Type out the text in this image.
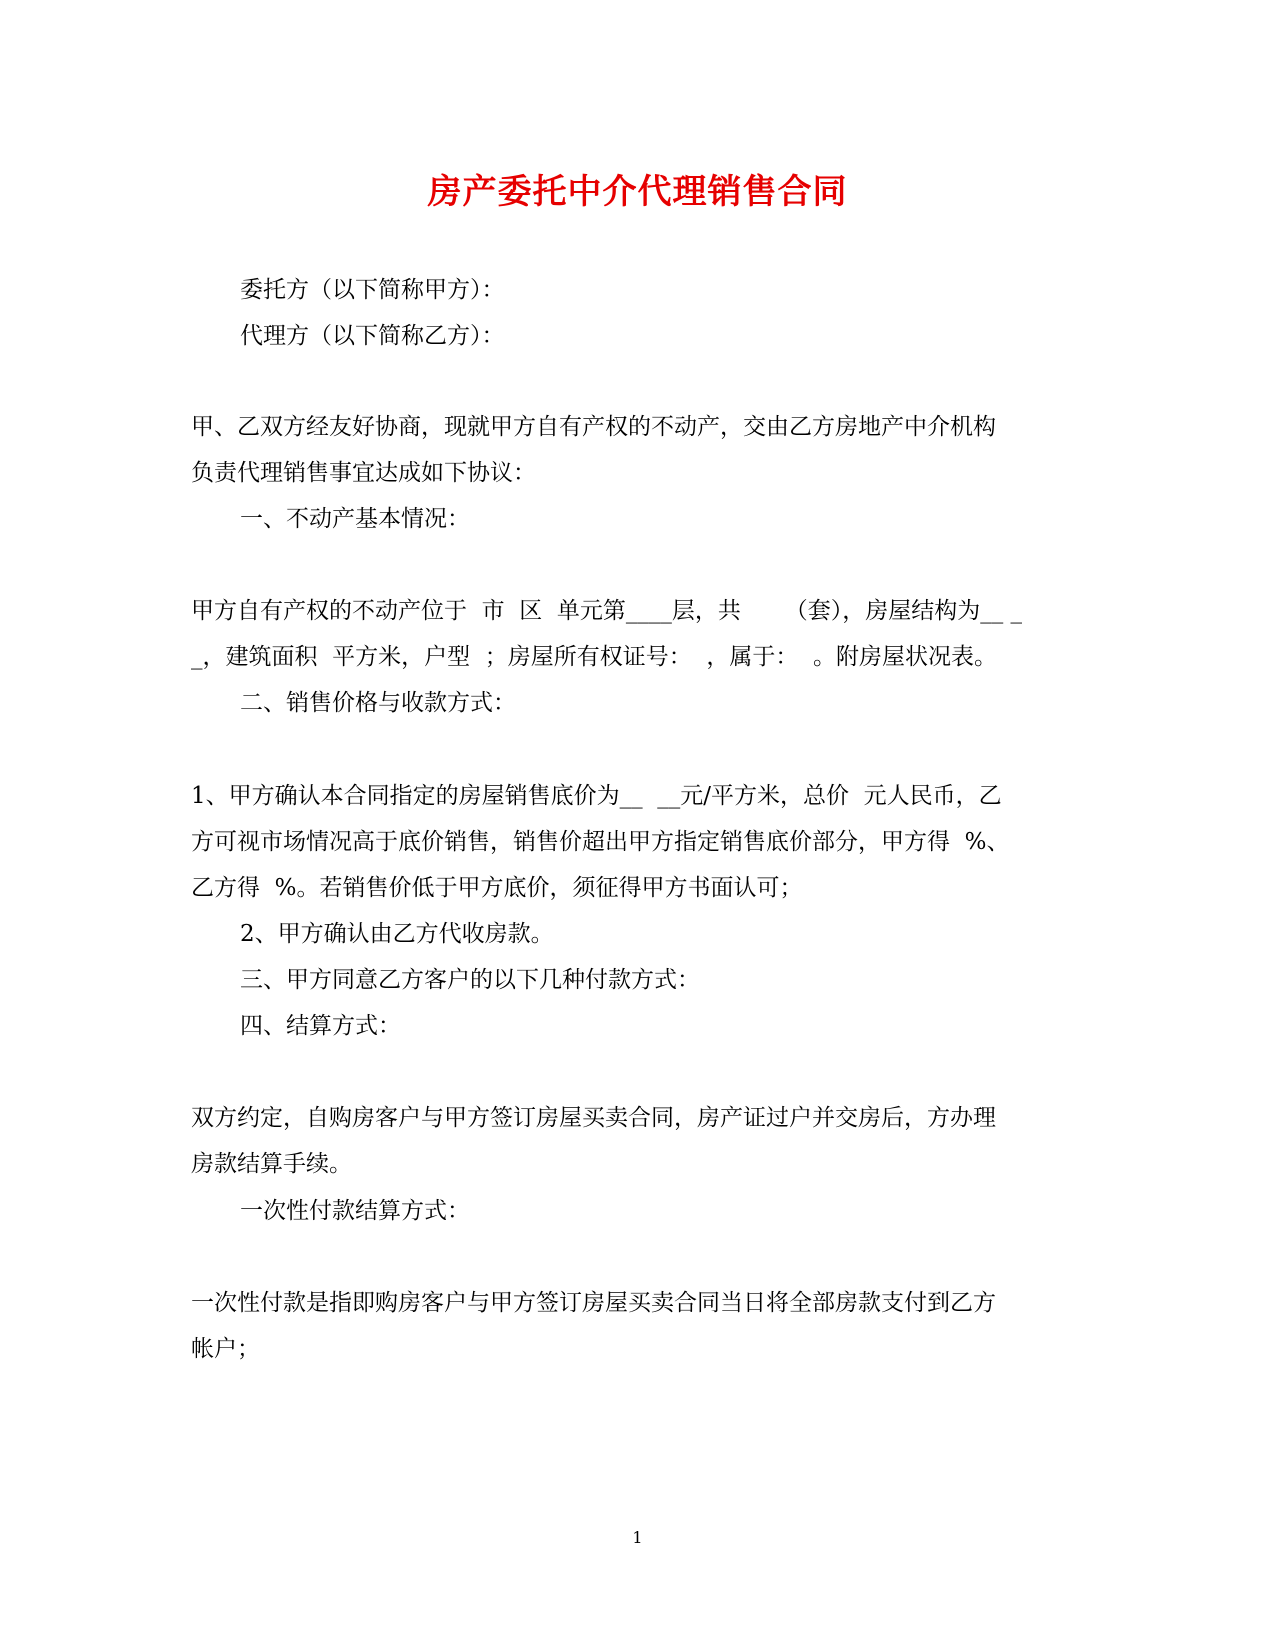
房产委托中介代理销售合同
委托方（以下简称甲方）：
代理方（以下简称乙方）：
甲、乙双方经友好协商，现就甲方自有产权的不动产，交由乙方房地产中介机构
负责代理销售事宜达成如下协议：
一、不动产基本情况：
甲方自有产权的不动产位于  市  区  单元第____层，共      （套），房屋结构为__ _
_，建筑面积  平方米，户型  ；房屋所有权证号：  ，属于：  。附房屋状况表。
二、销售价格与收款方式：
1、甲方确认本合同指定的房屋销售底价为__  __元/平方米，总价  元人民币，乙
方可视市场情况高于底价销售，销售价超出甲方指定销售底价部分，甲方得  %、
乙方得  %。若销售价低于甲方底价，须征得甲方书面认可；
2、甲方确认由乙方代收房款。
三、甲方同意乙方客户的以下几种付款方式：
四、结算方式：
双方约定，自购房客户与甲方签订房屋买卖合同，房产证过户并交房后，方办理
房款结算手续。
一次性付款结算方式：
一次性付款是指即购房客户与甲方签订房屋买卖合同当日将全部房款支付到乙方
帐户；
1
